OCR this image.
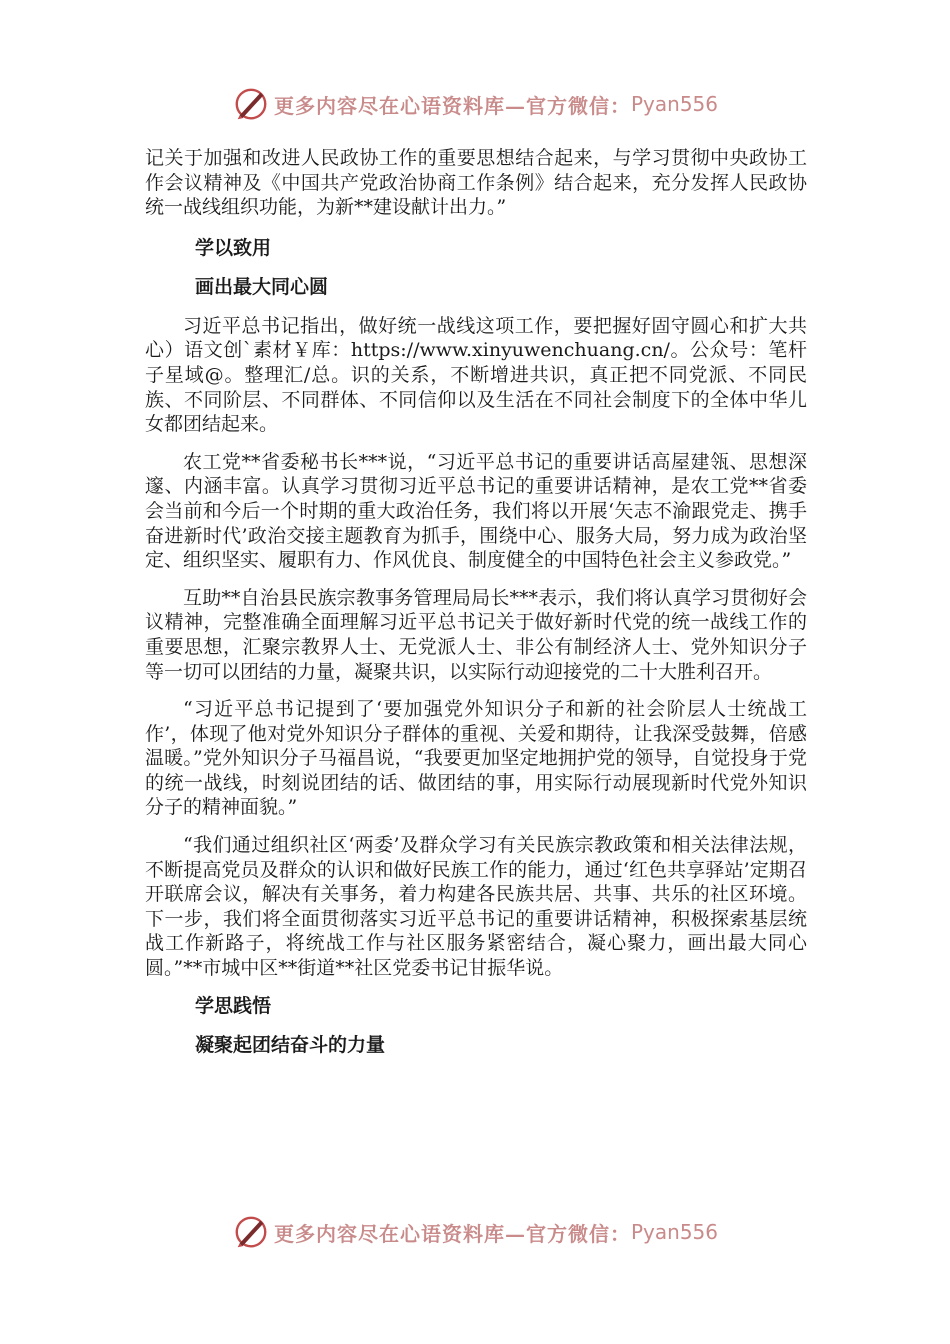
更多内容尽在心语资料库—官方微信： Pyan556

记关于加强和改进人民政协工作的重要思想结合起来，与学习贯彻中央政协工作会议精神及《中国共产党政治协商工作条例》结合起来，充分发挥人民政协统一战线组织功能，为新**建设献计出力。”

学以致用
画出最大同心圆

习近平总书记指出，做好统一战线这项工作，要把握好固守圆心和扩大共心）语文创`素材￥库：https://www.xinyuwenchuang.cn/。公众号：笔杆子星域@。整理汇/总。识的关系，不断增进共识，真正把不同党派、不同民族、不同阶层、不同群体、不同信仰以及生活在不同社会制度下的全体中华儿女都团结起来。

农工党**省委秘书长***说，“习近平总书记的重要讲话高屋建瓴、思想深邃、内涵丰富。认真学习贯彻习近平总书记的重要讲话精神，是农工党**省委会当前和今后一个时期的重大政治任务，我们将以开展‘矢志不渝跟党走、携手奋进新时代’政治交接主题教育为抓手，围绕中心、服务大局，努力成为政治坚定、组织坚实、履职有力、作风优良、制度健全的中国特色社会主义参政党。”

互助**自治县民族宗教事务管理局局长***表示，我们将认真学习贯彻好会议精神，完整准确全面理解习近平总书记关于做好新时代党的统一战线工作的重要思想，汇聚宗教界人士、无党派人士、非公有制经济人士、党外知识分子等一切可以团结的力量，凝聚共识，以实际行动迎接党的二十大胜利召开。

“习近平总书记提到了‘要加强党外知识分子和新的社会阶层人士统战工作’，体现了他对党外知识分子群体的重视、关爱和期待，让我深受鼓舞，倍感温暖。”党外知识分子马福昌说，“我要更加坚定地拥护党的领导，自觉投身于党的统一战线，时刻说团结的话、做团结的事，用实际行动展现新时代党外知识分子的精神面貌。”

“我们通过组织社区‘两委’及群众学习有关民族宗教政策和相关法律法规，不断提高党员及群众的认识和做好民族工作的能力，通过‘红色共享驿站’定期召开联席会议，解决有关事务，着力构建各民族共居、共事、共乐的社区环境。下一步，我们将全面贯彻落实习近平总书记的重要讲话精神，积极探索基层统战工作新路子，将统战工作与社区服务紧密结合，凝心聚力，画出最大同心圆。”**市城中区**街道**社区党委书记甘振华说。

学思践悟
凝聚起团结奋斗的力量
更多内容尽在心语资料库—官方微信： Pyan556
